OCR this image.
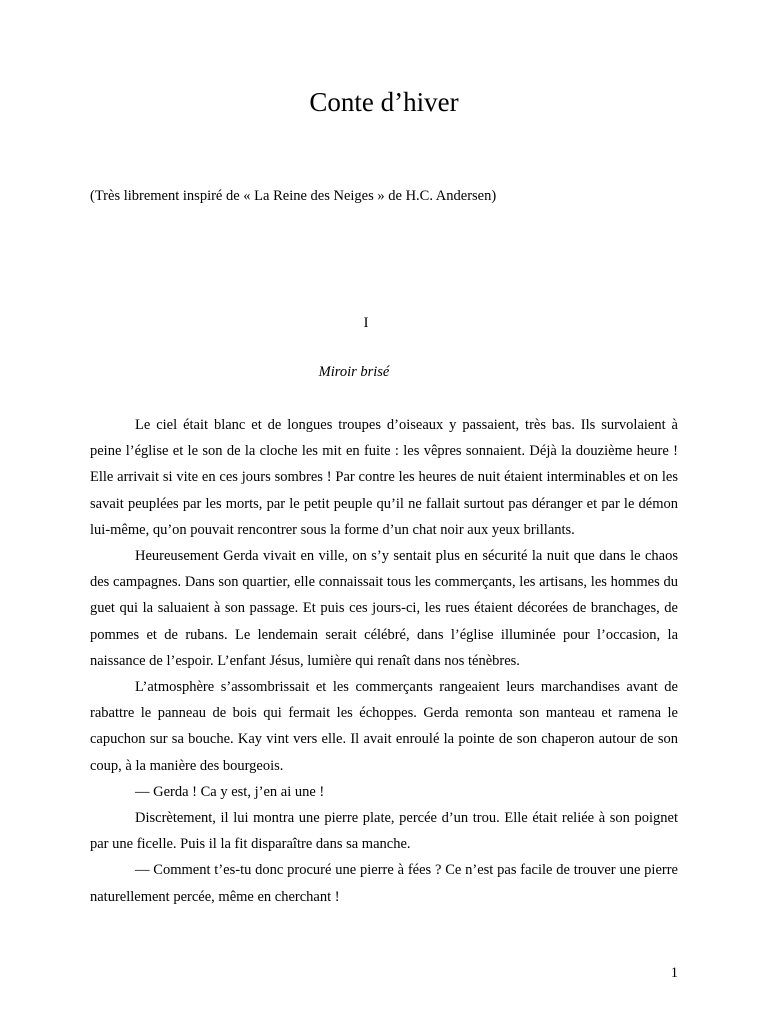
Conte d’hiver

(Très librement inspiré de « La Reine des Neiges » de H.C. Andersen)

I

Miroir brisé

Le ciel était blanc et de longues troupes d’oiseaux y passaient, très bas. Ils survolaient à peine l’église et le son de la cloche les mit en fuite : les vêpres sonnaient. Déjà la douzième heure ! Elle arrivait si vite en ces jours sombres ! Par contre les heures de nuit étaient interminables et on les savait peuplées par les morts, par le petit peuple qu’il ne fallait surtout pas déranger et par le démon lui-même, qu’on pouvait rencontrer sous la forme d’un chat noir aux yeux brillants.

Heureusement Gerda vivait en ville, on s’y sentait plus en sécurité la nuit que dans le chaos des campagnes. Dans son quartier, elle connaissait tous les commerçants, les artisans, les hommes du guet qui la saluaient à son passage. Et puis ces jours-ci, les rues étaient décorées de branchages, de pommes et de rubans. Le lendemain serait célébré, dans l’église illuminée pour l’occasion, la naissance de l’espoir. L’enfant Jésus, lumière qui renaît dans nos ténèbres.

L’atmosphère s’assombrissait et les commerçants rangeaient leurs marchandises avant de rabattre le panneau de bois qui fermait les échoppes. Gerda remonta son manteau et ramena le capuchon sur sa bouche. Kay vint vers elle. Il avait enroulé la pointe de son chaperon autour de son coup, à la manière des bourgeois.

— Gerda ! Ca y est, j’en ai une !

Discrètement, il lui montra une pierre plate, percée d’un trou. Elle était reliée à son poignet par une ficelle. Puis il la fit disparaître dans sa manche.

— Comment t’es-tu donc procuré une pierre à fées ? Ce n’est pas facile de trouver une pierre naturellement percée, même en cherchant !

1
